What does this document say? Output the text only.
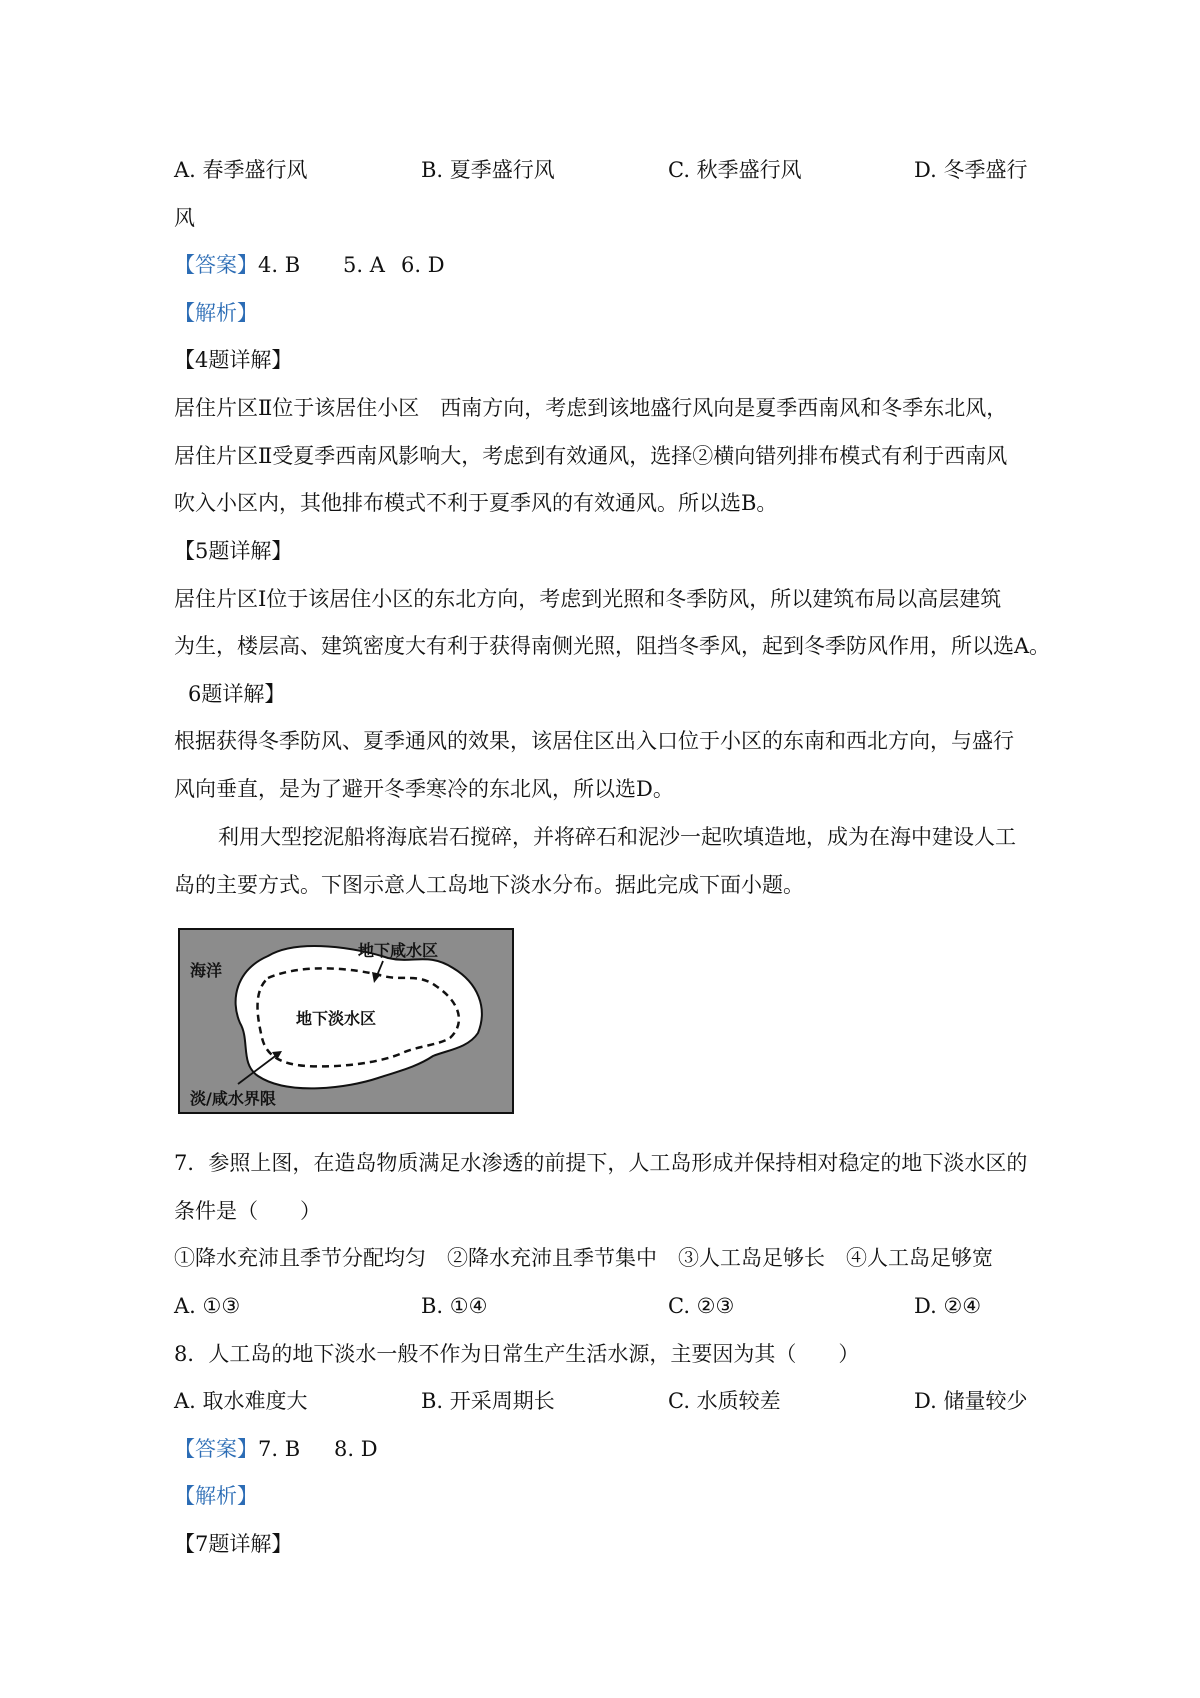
A. 春季盛行风	B. 夏季盛行风	C. 秋季盛行风	D. 冬季盛行
风
【答案】4. B 5. A 6. D
【解析】
【4题详解】
居住片区Ⅱ位于该居住小区　西南方向，考虑到该地盛行风向是夏季西南风和冬季东北风，
居住片区Ⅱ受夏季西南风影响大，考虑到有效通风，选择②横向错列排布模式有利于西南风
吹入小区内，其他排布模式不利于夏季风的有效通风。所以选B。
【5题详解】
居住片区Ⅰ位于该居住小区的东北方向，考虑到光照和冬季防风，所以建筑布局以高层建筑
为生，楼层高、建筑密度大有利于获得南侧光照，阻挡冬季风，起到冬季防风作用，所以选A。
6题详解】
根据获得冬季防风、夏季通风的效果，该居住区出入口位于小区的东南和西北方向，与盛行
风向垂直，是为了避开冬季寒冷的东北风，所以选D。
利用大型挖泥船将海底岩石搅碎，并将碎石和泥沙一起吹填造地，成为在海中建设人工
岛的主要方式。下图示意人工岛地下淡水分布。据此完成下面小题。
海洋
地下咸水区
地下淡水区
淡/咸水界限
7．参照上图，在造岛物质满足水渗透的前提下，人工岛形成并保持相对稳定的地下淡水区的
条件是（　　）
①降水充沛且季节分配均匀　②降水充沛且季节集中　③人工岛足够长　④人工岛足够宽
A. ①③	B. ①④	C. ②③	D. ②④
8．人工岛的地下淡水一般不作为日常生产生活水源，主要因为其（　　）
A. 取水难度大	B. 开采周期长	C. 水质较差	D. 储量较少
【答案】7. B 8. D
【解析】
【7题详解】
